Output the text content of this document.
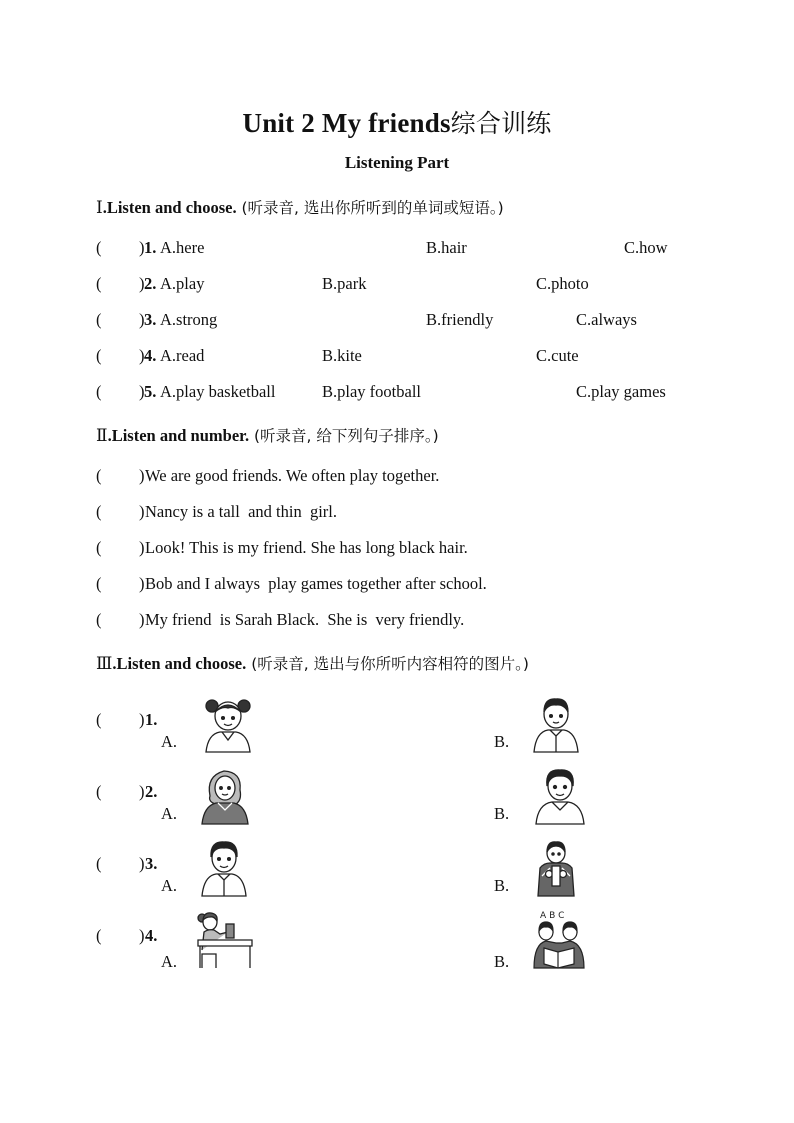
Unit 2 My friends综合训练
Listening Part
Ⅰ.Listen and choose. (听录音, 选出你所听到的单词或短语。)
( ) 1. A.here	B.hair	C.how
( ) 2. A.play	B.park	C.photo
( ) 3. A.strong	B.friendly	C.always
( ) 4. A.read	B.kite	C.cute
( ) 5. A.play basketball	B.play football	C.play games
Ⅱ.Listen and number. (听录音, 给下列句子排序。)
( ) We are good friends. We often play together.
( ) Nancy is a tall  and thin  girl.
( ) Look! This is my friend. She has long black hair.
( ) Bob and I always  play games together after school.
( ) My friend  is Sarah Black.  She is  very friendly.
Ⅲ.Listen and choose. (听录音, 选出与你所听内容相符的图片。)
( ) 1.
A.	B.
( ) 2.
A.	B.
( ) 3.
A.	B.
( ) 4.
A.	B.
ABC
